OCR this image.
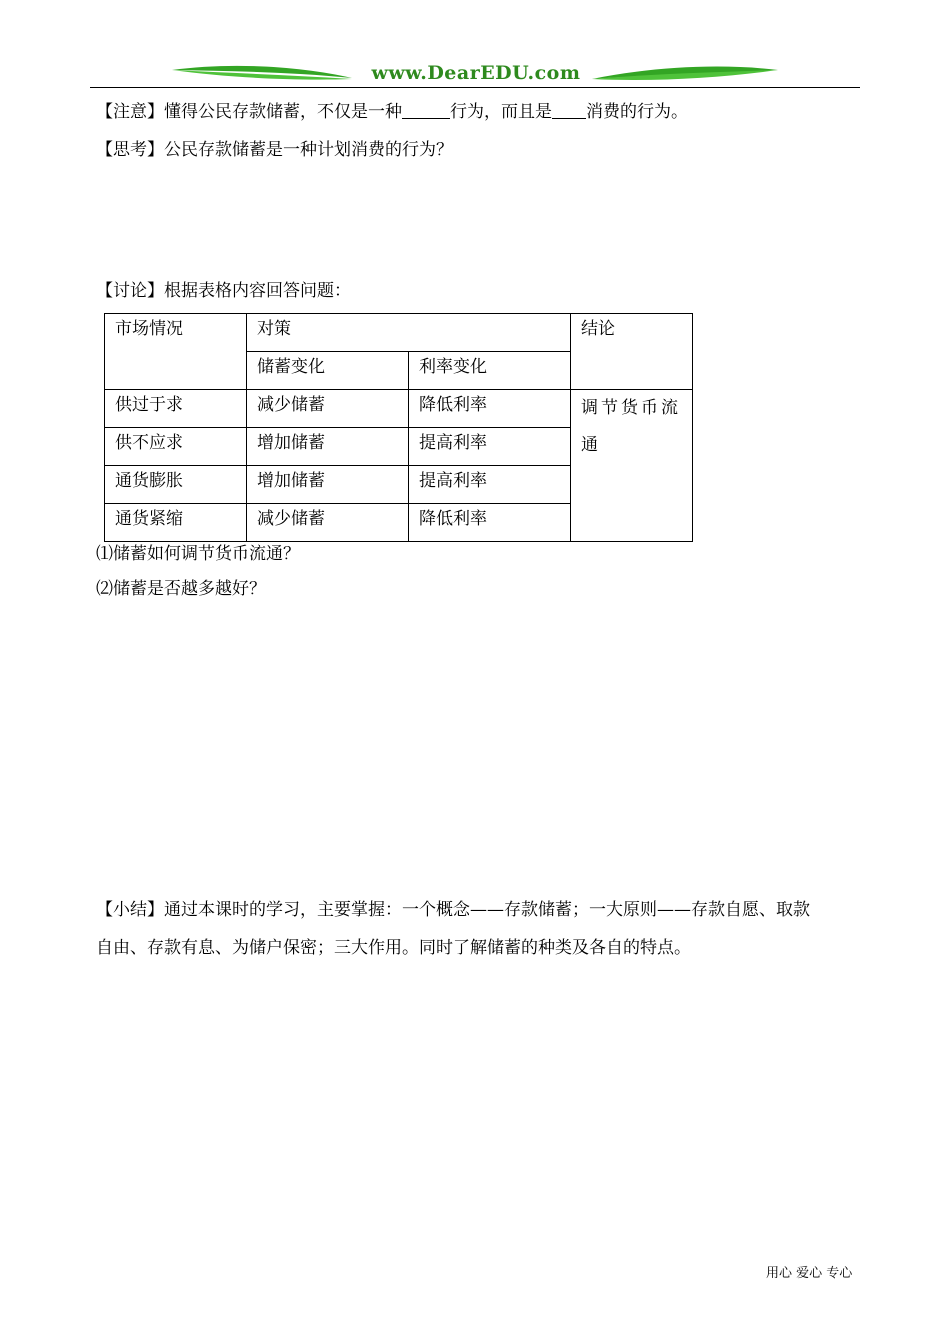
www.DearEDU.com
【注意】懂得公民存款储蓄，不仅是一种	行为，而且是 消费的行为。
【思考】公民存款储蓄是一种计划消费的行为？
【讨论】根据表格内容回答问题：
市场情况	对策		结论
	储蓄变化	利率变化	
供过于求	减少储蓄	降低利率	调节货币流通
供不应求	增加储蓄	提高利率	
通货膨胀	增加储蓄	提高利率	
通货紧缩	减少储蓄	降低利率	
⑴储蓄如何调节货币流通？
⑵储蓄是否越多越好？
【小结】通过本课时的学习，主要掌握：一个概念——存款储蓄；一大原则——存款自愿、取款
自由、存款有息、为储户保密；三大作用。同时了解储蓄的种类及各自的特点。
用心 爱心 专心
